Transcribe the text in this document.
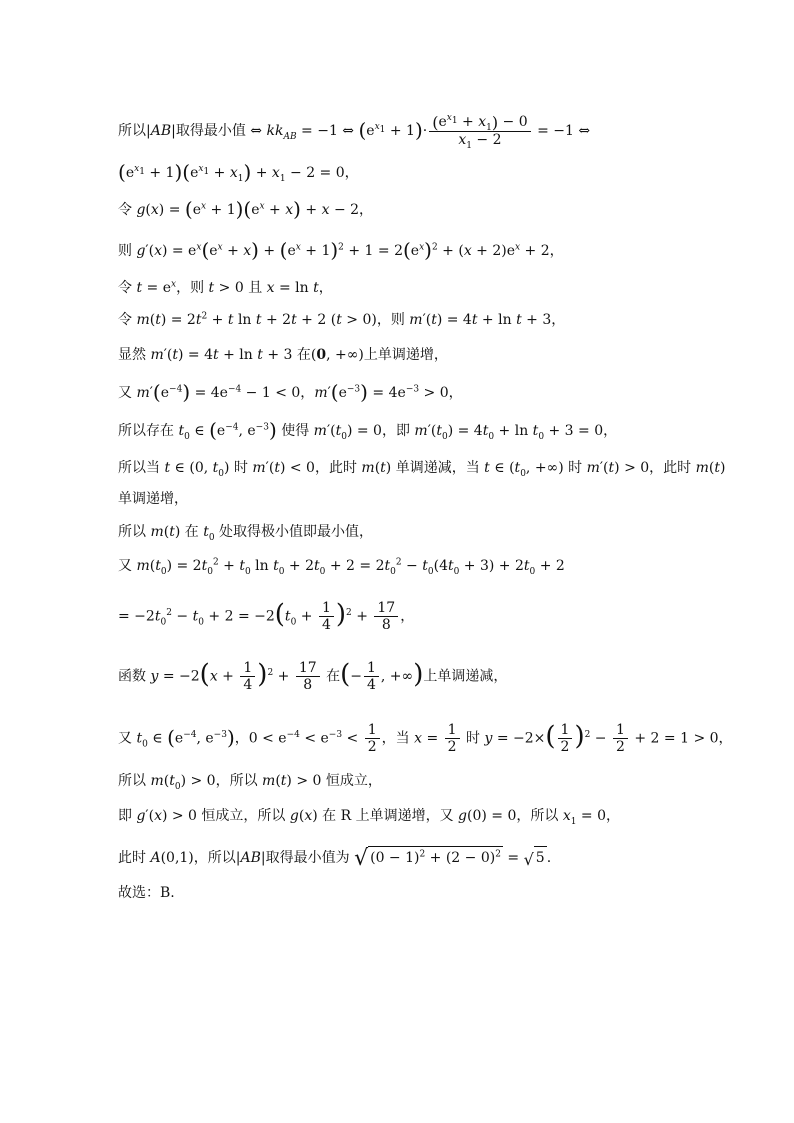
所以|AB|取得最小值 ⇔ $kk_{AB} = -1$ ⇔ $(e^{x_1} + 1)\cdot \frac{(e^{x_1} + x_1) - 0}{x_1 - 2} = -1$ ⇔
$(e^{x_1} + 1)(e^{x_1} + x_1) + x_1 - 2 = 0$，
令 $g(x) = (e^x + 1)(e^x + x) + x - 2$，
则 $g'(x) = e^x(e^x + x) + (e^x + 1)^2 + 1 = 2(e^x)^2 + (x + 2)e^x + 2$，
令 $t = e^x$，则 t > 0 且 x = ln t，
令 $m(t) = 2t^2 + t$ ln t + 2t + 2 (t > 0)，则 m′(t) = 4t + ln t + 3，
显然 m′(t) = 4t + ln t + 3 在(0, +∞)上单调递增，
又 $m'(e^{-4}) = 4e^{-4} - 1 < 0$，$m'(e^{-3}) = 4e^{-3} > 0$，
所以存在 $t_0$ ∈ ($e^{-4}$, $e^{-3}$) 使得 $m'(t_0) = 0$，即 $m'(t_0) = 4t_0 + \ln t_0 + 3 = 0$，
所以当 t ∈ (0, $t_0$) 时 m′(t) < 0，此时 m(t) 单调递减，当 t ∈ ($t_0$, +∞) 时 m′(t) > 0，此时 m(t)
单调递增，
所以 m(t) 在 $t_0$ 处取得极小值即最小值，
又 $m(t_0) = 2t_0^2 + t_0$ $\ln t_0 + 2t_0 + 2 = 2t_0^2 - t_0(4t_0 + 3) + 2t_0 + 2$
= $-2t_0^2 - t_0 + 2 = -2(t_0 + \frac{1}{4} )^2 + \frac{17}{8}$ ，
函数 $y = -2(x + \frac{1}{4} )^2 + \frac{17}{8}$ 在(− $\frac{1}{4}$ , +∞)上单调递减，
又 $t_0$ ∈ ($e^{-4}$, $e^{-3}$)，$0 < e^{-4} < e^{-3} < \frac{1}{2}$ ，当 $x = \frac{1}{2}$ 时 $y = -2\times( \frac{1}{2} )^2 - \frac{1}{2} + 2 = 1 > 0$，
所以 $m(t_0) > 0$，所以 m(t) > 0 恒成立，
即 g′(x) > 0 恒成立，所以 g(x) 在 R 上单调递增，又 g(0) = 0，所以 $x_1 = 0$，
此时 A(0,1)，所以|AB|取得最小值为 √ $(0 - 1)^2 + (2 - 0)^2$ = √ 5 .
故选：B.
